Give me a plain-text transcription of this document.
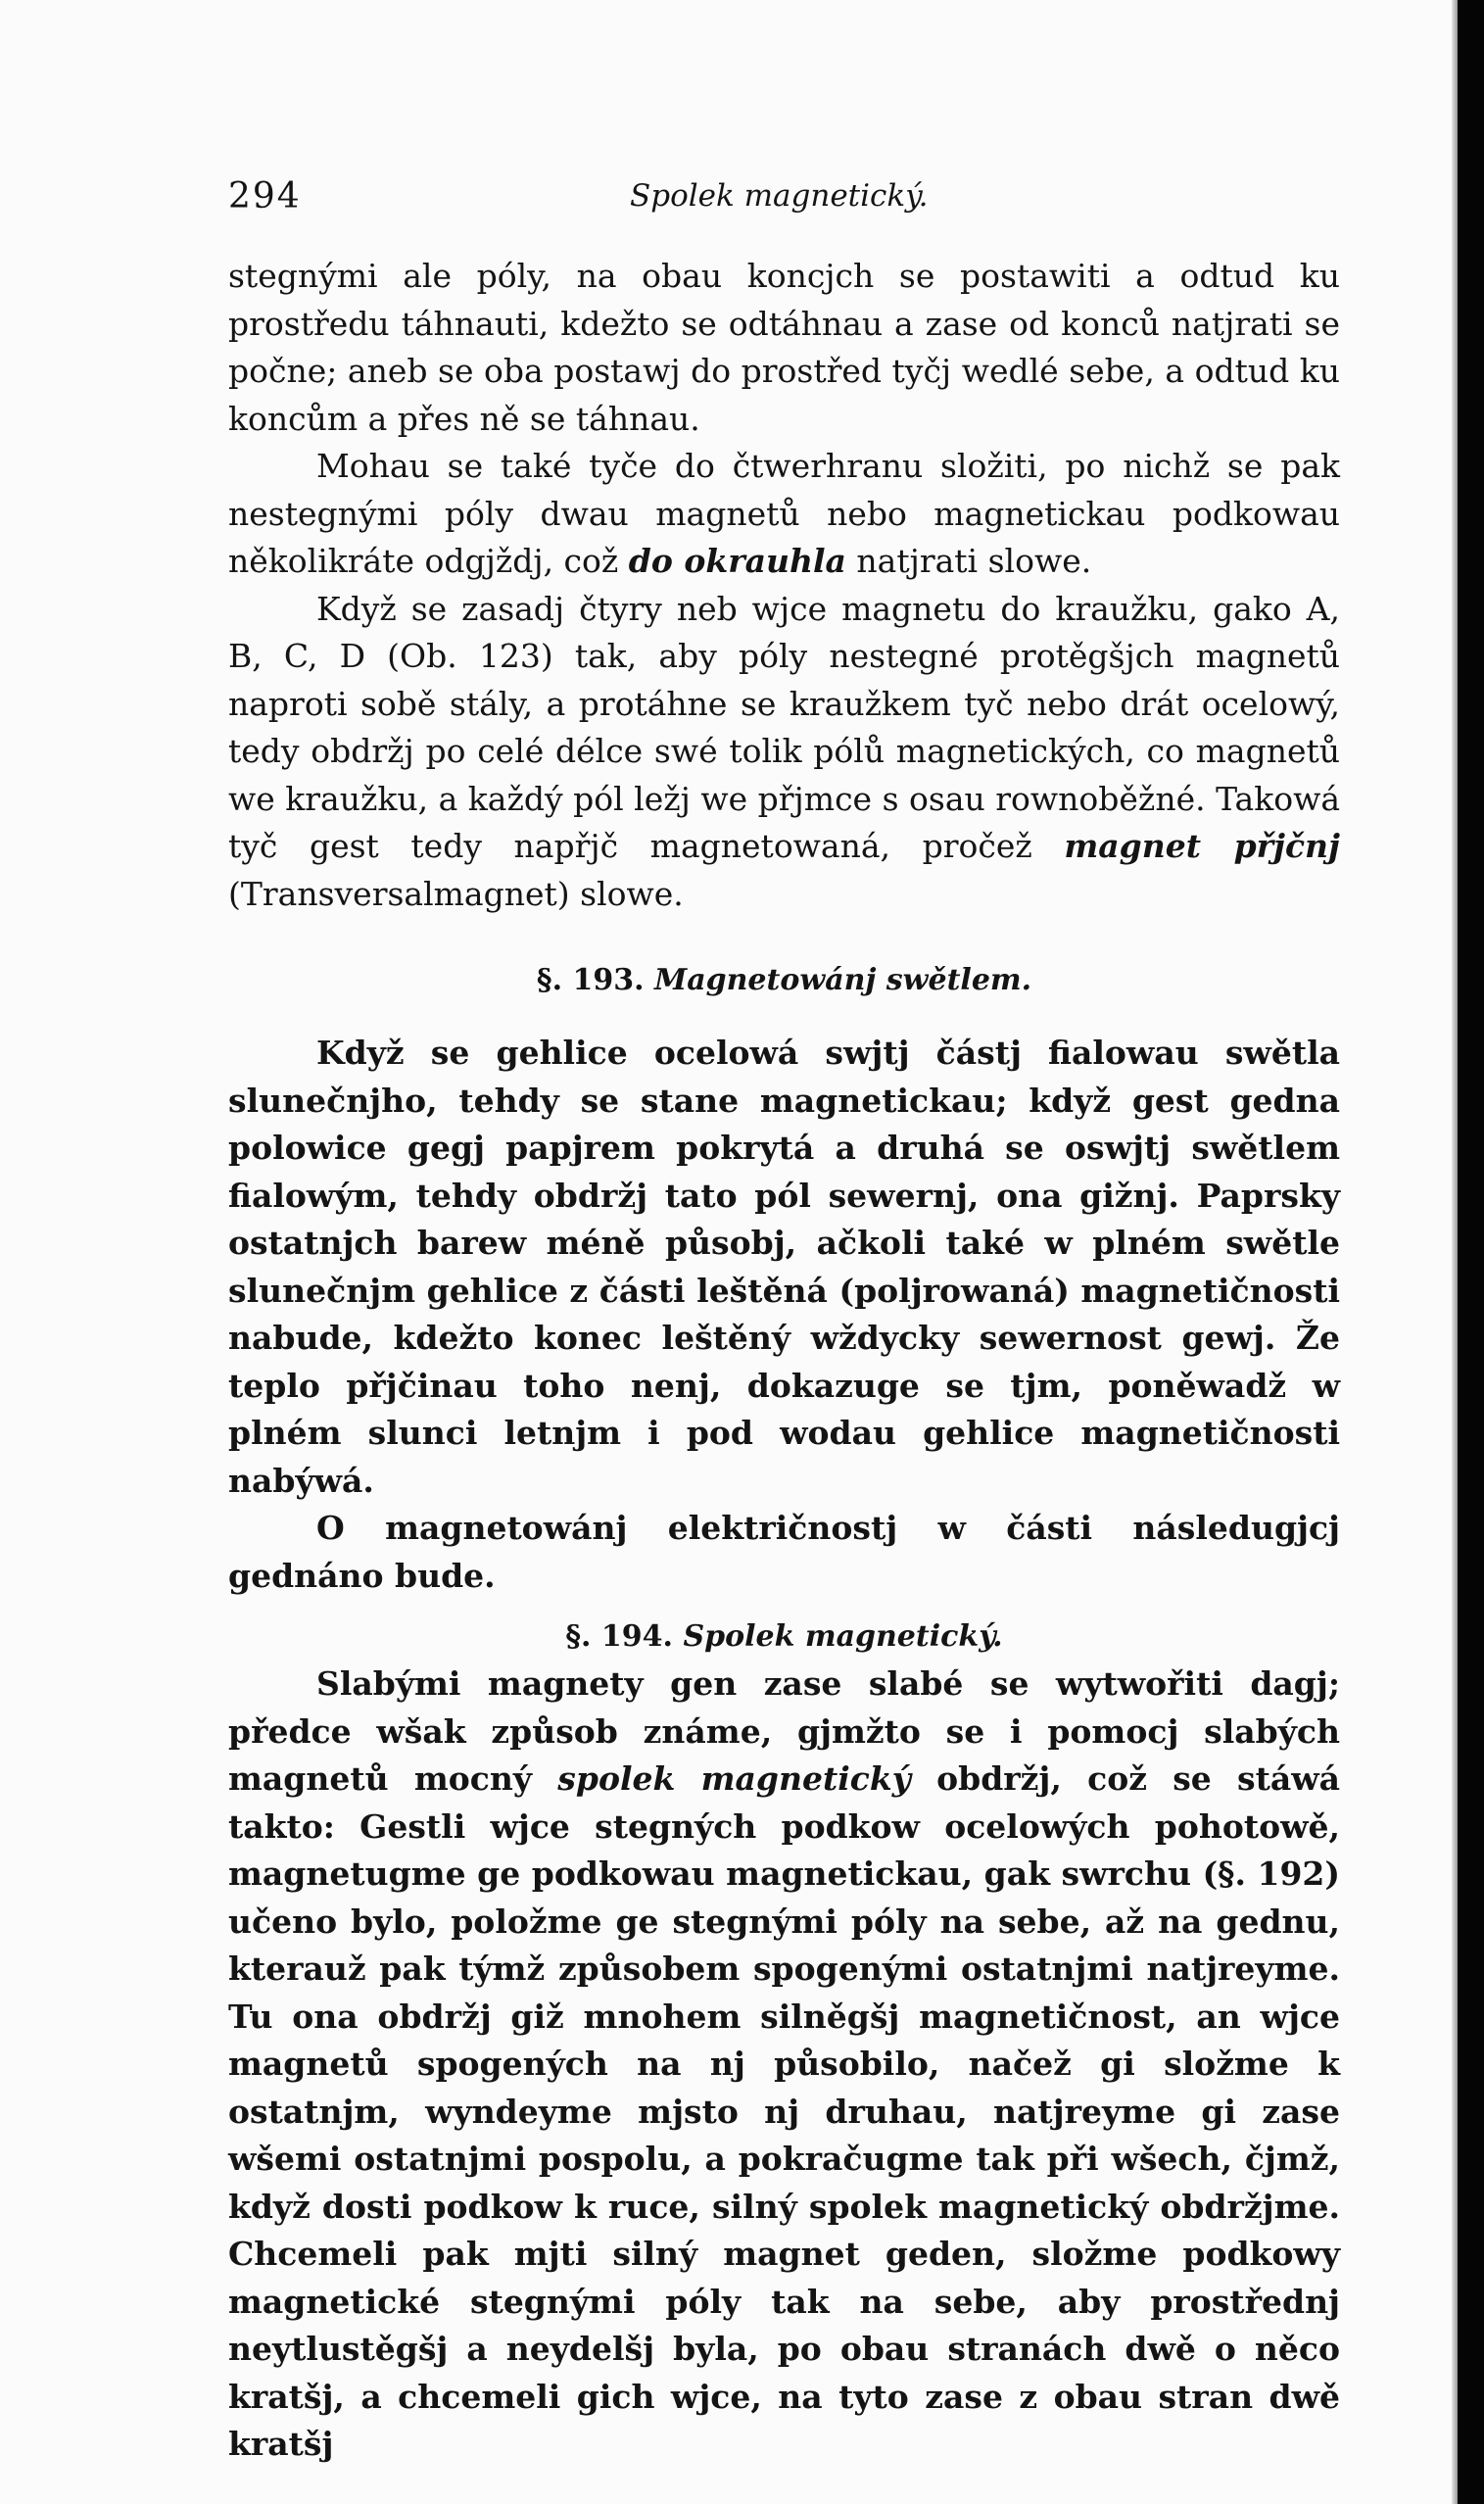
294	Spolek magnetický.

stegnými ale póly, na obau koncjch se postawiti a odtud ku prostředu táhnauti, kdežto se odtáhnau a zase od konců natjrati se počne; aneb se oba postawj do prostřed tyčj wedlé sebe, a odtud ku koncům a přes ně se táhnau.

Mohau se také tyče do čtwerhranu složiti, po nichž se pak nestegnými póly dwau magnetů nebo magnetickau podkowau několikráte odgjždj, což do okrauhla natjrati slowe.

Když se zasadj čtyry neb wjce magnetu do kraužku, gako A, B, C, D (Ob. 123) tak, aby póly nestegné protěgšjch magnetů naproti sobě stály, a protáhne se kraužkem tyč nebo drát ocelowý, tedy obdržj po celé délce swé tolik pólů magnetických, co magnetů we kraužku, a každý pól ležj we přjmce s osau rownoběžné. Takowá tyč gest tedy napřjč magnetowaná, pročež magnet přjčnj (Transversalmagnet) slowe.

§. 193. Magnetowánj swětlem.

Když se gehlice ocelowá swjtj částj fialowau swětla slunečnjho, tehdy se stane magnetickau; když gest gedna polowice gegj papjrem pokrytá a druhá se oswjtj swětlem fialowým, tehdy obdržj tato pól sewernj, ona gižnj. Paprsky ostatnjch barew méně působj, ačkoli také w plném swětle slunečnjm gehlice z části leštěná (poljrowaná) magnetičnosti nabude, kdežto konec leštěný wždycky sewernost gewj. Že teplo přjčinau toho nenj, dokazuge se tjm, poněwadž w plném slunci letnjm i pod wodau gehlice magnetičnosti nabýwá.

O magnetowánj električnostj w části následugjcj gednáno bude.

§. 194. Spolek magnetický.

Slabými magnety gen zase slabé se wytwořiti dagj; předce wšak způsob známe, gjmžto se i pomocj slabých magnetů mocný spolek magnetický obdržj, což se stáwá takto: Gestli wjce stegných podkow ocelowých pohotowě, magnetugme ge podkowau magnetickau, gak swrchu (§. 192) učeno bylo, položme ge stegnými póly na sebe, až na gednu, kterauž pak týmž způsobem spogenými ostatnjmi natjreyme. Tu ona obdržj giž mnohem silněgšj magnetičnost, an wjce magnetů spogených na nj působilo, načež gi složme k ostatnjm, wyndeyme mjsto nj druhau, natjreyme gi zase wšemi ostatnjmi pospolu, a pokračugme tak při wšech, čjmž, když dosti podkow k ruce, silný spolek magnetický obdržjme. Chcemeli pak mjti silný magnet geden, složme podkowy magnetické stegnými póly tak na sebe, aby prostřednj neytlustěgšj a neydelšj byla, po obau stranách dwě o něco kratšj, a chcemeli gich wjce, na tyto zase z obau stran dwě kratšj
